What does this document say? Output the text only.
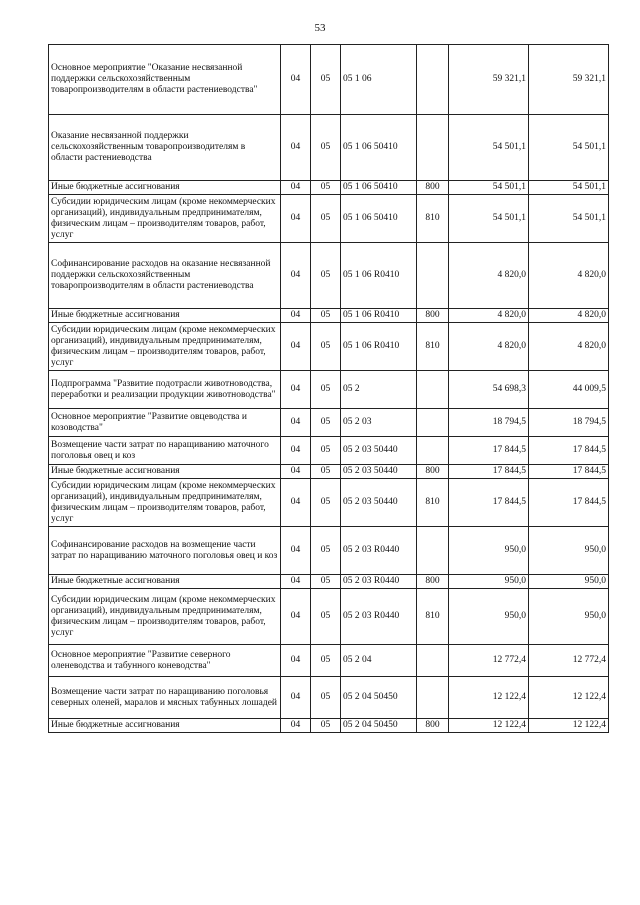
53
Основное мероприятие "Оказание несвязанной поддержки сельскохозяйственным товаропроизводителям в области растениеводства"	04	05	05 1 06		59 321,1	59 321,1
Оказание несвязанной поддержки сельскохозяйственным товаропроизводителям в области растениеводства	04	05	05 1 06 50410		54 501,1	54 501,1
Иные бюджетные ассигнования	04	05	05 1 06 50410	800	54 501,1	54 501,1
Субсидии юридическим лицам (кроме некоммерческих организаций), индивидуальным предпринимателям, физическим лицам – производителям товаров, работ, услуг	04	05	05 1 06 50410	810	54 501,1	54 501,1
Софинансирование расходов на оказание несвязанной поддержки сельскохозяйственным товаропроизводителям в области растениеводства	04	05	05 1 06 R0410		4 820,0	4 820,0
Иные бюджетные ассигнования	04	05	05 1 06 R0410	800	4 820,0	4 820,0
Субсидии юридическим лицам (кроме некоммерческих организаций), индивидуальным предпринимателям, физическим лицам – производителям товаров, работ, услуг	04	05	05 1 06 R0410	810	4 820,0	4 820,0
Подпрограмма "Развитие подотрасли животноводства, переработки и реализации продукции животноводства"	04	05	05 2		54 698,3	44 009,5
Основное мероприятие "Развитие овцеводства и козоводства"	04	05	05 2 03		18 794,5	18 794,5
Возмещение части затрат по наращиванию маточного поголовья овец и коз	04	05	05 2 03 50440		17 844,5	17 844,5
Иные бюджетные ассигнования	04	05	05 2 03 50440	800	17 844,5	17 844,5
Субсидии юридическим лицам (кроме некоммерческих организаций), индивидуальным предпринимателям, физическим лицам – производителям товаров, работ, услуг	04	05	05 2 03 50440	810	17 844,5	17 844,5
Софинансирование расходов на возмещение части затрат по наращиванию маточного поголовья овец и коз	04	05	05 2 03 R0440		950,0	950,0
Иные бюджетные ассигнования	04	05	05 2 03 R0440	800	950,0	950,0
Субсидии юридическим лицам (кроме некоммерческих организаций), индивидуальным предпринимателям, физическим лицам – производителям товаров, работ, услуг	04	05	05 2 03 R0440	810	950,0	950,0
Основное мероприятие "Развитие северного оленеводства и табунного коневодства"	04	05	05 2 04		12 772,4	12 772,4
Возмещение части затрат по наращиванию поголовья северных оленей, маралов и мясных табунных лошадей	04	05	05 2 04 50450		12 122,4	12 122,4
Иные бюджетные ассигнования	04	05	05 2 04 50450	800	12 122,4	12 122,4
